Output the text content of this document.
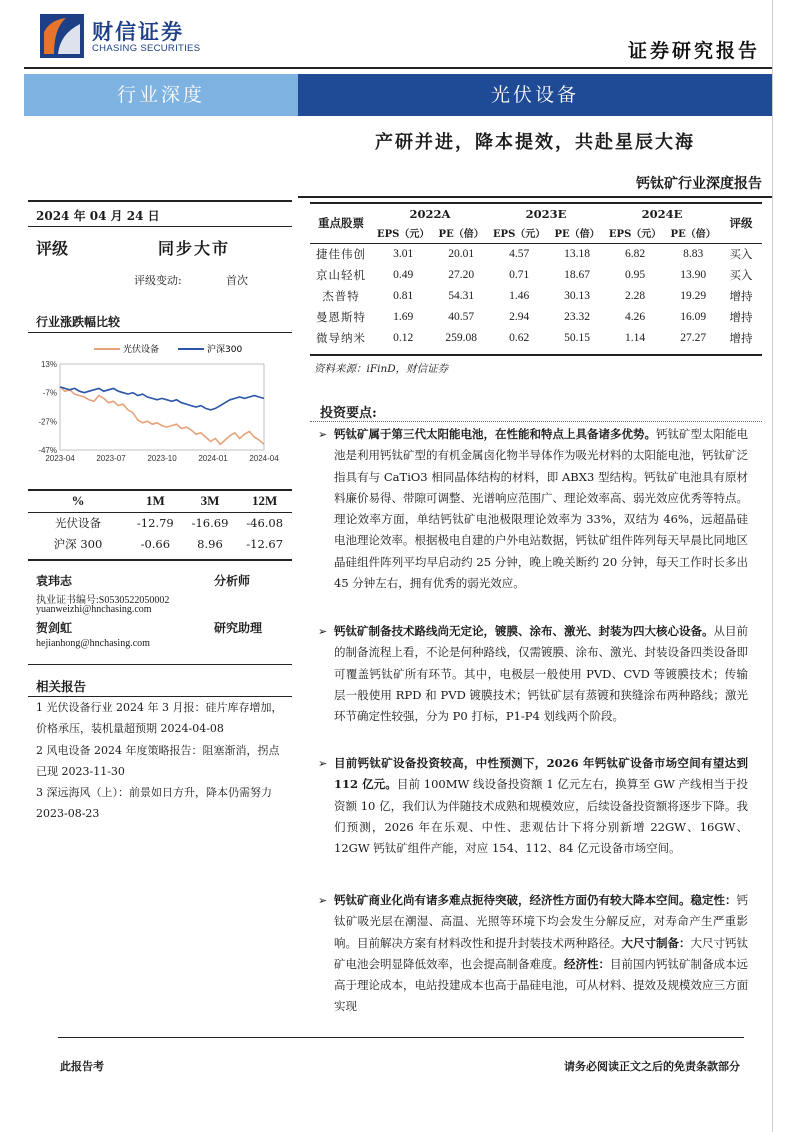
财信证券
CHASING SECURITIES	证券研究报告
行业深度	光伏设备
产研并进，降本提效，共赴星辰大海
钙钛矿行业深度报告
2024 年 04 月 24 日
评级	同步大市
评级变动:	首次
行业涨跌幅比较
光伏设备	沪深300
13%
-7%
-27%
-47%
2023-04	2023-07	2023-10	2024-01	2024-04
%	1M	3M	12M
光伏设备	-12.79	-16.69	-46.08
沪深 300	-0.66	8.96	-12.67
袁玮志	分析师
执业证书编号:S0530522050002
yuanweizhi@hnchasing.com
贺剑虹	研究助理
hejianhong@hnchasing.com
相关报告
1 光伏设备行业 2024 年 3 月报：硅片库存增加，价格承压，装机量超预期 2024-04-08
2 风电设备 2024 年度策略报告：阻塞渐消，拐点已现 2023-11-30
3 深远海风（上）：前景如日方升，降本仍需努力 2023-08-23
重点股票	2022A		2023E		2024E		评级
	EPS（元）	PE（倍）	EPS（元）	PE（倍）	EPS（元）	PE（倍）	
捷佳伟创	3.01	20.01	4.57	13.18	6.82	8.83	买入
京山轻机	0.49	27.20	0.71	18.67	0.95	13.90	买入
杰普特	0.81	54.31	1.46	30.13	2.28	19.29	增持
曼恩斯特	1.69	40.57	2.94	23.32	4.26	16.09	增持
微导纳米	0.12	259.08	0.62	50.15	1.14	27.27	增持
资料来源：iFinD，财信证券
投资要点:
➢ 钙钛矿属于第三代太阳能电池，在性能和特点上具备诸多优势。钙钛矿型太阳能电池是利用钙钛矿型的有机金属卤化物半导体作为吸光材料的太阳能电池，钙钛矿泛指具有与 CaTiO3 相同晶体结构的材料，即 ABX3 型结构。钙钛矿电池具有原材料廉价易得、带隙可调整、光谱响应范围广、理论效率高、弱光效应优秀等特点。理论效率方面，单结钙钛矿电池极限理论效率为 33%，双结为 46%，远超晶硅电池理论效率。根据极电自建的户外电站数据，钙钛矿组件阵列每天早晨比同地区晶硅组件阵列平均早启动约 25 分钟，晚上晚关断约 20 分钟，每天工作时长多出 45 分钟左右，拥有优秀的弱光效应。
➢ 钙钛矿制备技术路线尚无定论，镀膜、涂布、激光、封装为四大核心设备。从目前的制备流程上看，不论是何种路线，仅需镀膜、涂布、激光、封装设备四类设备即可覆盖钙钛矿所有环节。其中，电极层一般使用 PVD、CVD 等镀膜技术；传输层一般使用 RPD 和 PVD 镀膜技术；钙钛矿层有蒸镀和狭缝涂布两种路线；激光环节确定性较强，分为 P0 打标，P1-P4 划线两个阶段。
➢ 目前钙钛矿设备投资较高，中性预测下，2026 年钙钛矿设备市场空间有望达到 112 亿元。目前 100MW 线设备投资额 1 亿元左右，换算至 GW 产线相当于投资额 10 亿，我们认为伴随技术成熟和规模效应，后续设备投资额将逐步下降。我们预测，2026 年在乐观、中性、悲观估计下将分别新增 22GW、16GW、12GW 钙钛矿组件产能，对应 154、112、84 亿元设备市场空间。
➢ 钙钛矿商业化尚有诸多难点扼待突破，经济性方面仍有较大降本空间。稳定性：钙钛矿吸光层在潮湿、高温、光照等环境下均会发生分解反应，对寿命产生严重影响。目前解决方案有材料改性和提升封装技术两种路径。大尺寸制备：大尺寸钙钛矿电池会明显降低效率，也会提高制备难度。经济性：目前国内钙钛矿制备成本远高于理论成本，电站投建成本也高于晶硅电池，可从材料、提效及规模效应三方面实现
此报告考	请务必阅读正文之后的免责条款部分
